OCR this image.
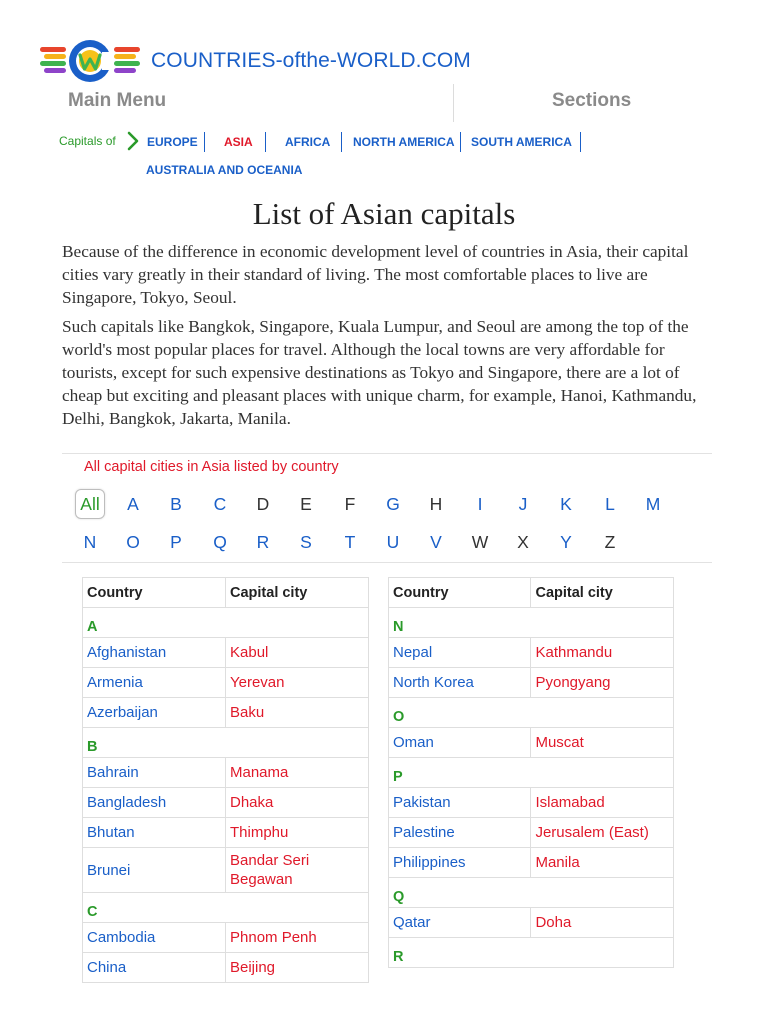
COUNTRIES-ofthe-WORLD.COM
Main Menu	Sections
Capitals of	EUROPE ASIA	AFRICA NORTH AMERICA SOUTH AMERICA
AUSTRALIA AND OCEANIA
List of Asian capitals

Because of the difference in economic development level of countries in Asia, their capital cities vary greatly in their standard of living. The most comfortable places to live are Singapore, Tokyo, Seoul.

Such capitals like Bangkok, Singapore, Kuala Lumpur, and Seoul are among the top of the world's most popular places for travel. Although the local towns are very affordable for tourists, except for such expensive destinations as Tokyo and Singapore, there are a lot of cheap but exciting and pleasant places with unique charm, for example, Hanoi, Kathmandu, Delhi, Bangkok, Jakarta, Manila.

All capital cities in Asia listed by country
All	A	B	C	D	E	F	G	H	I	J	K	L	M
N	O	P	Q	R	S	T	U	V	W	X	Y	Z
Country	Capital city
A	
Afghanistan	Kabul
Armenia	Yerevan
Azerbaijan	Baku
B	
Bahrain	Manama
Bangladesh	Dhaka
Bhutan	Thimphu
Brunei	Bandar Seri Begawan
C	
Cambodia	Phnom Penh
China	Beijing
Country	Capital city
N	
Nepal	Kathmandu
North Korea	Pyongyang
O	
Oman	Muscat
P	
Pakistan	Islamabad
Palestine	Jerusalem (East)
Philippines	Manila
Q	
Qatar	Doha
R	
